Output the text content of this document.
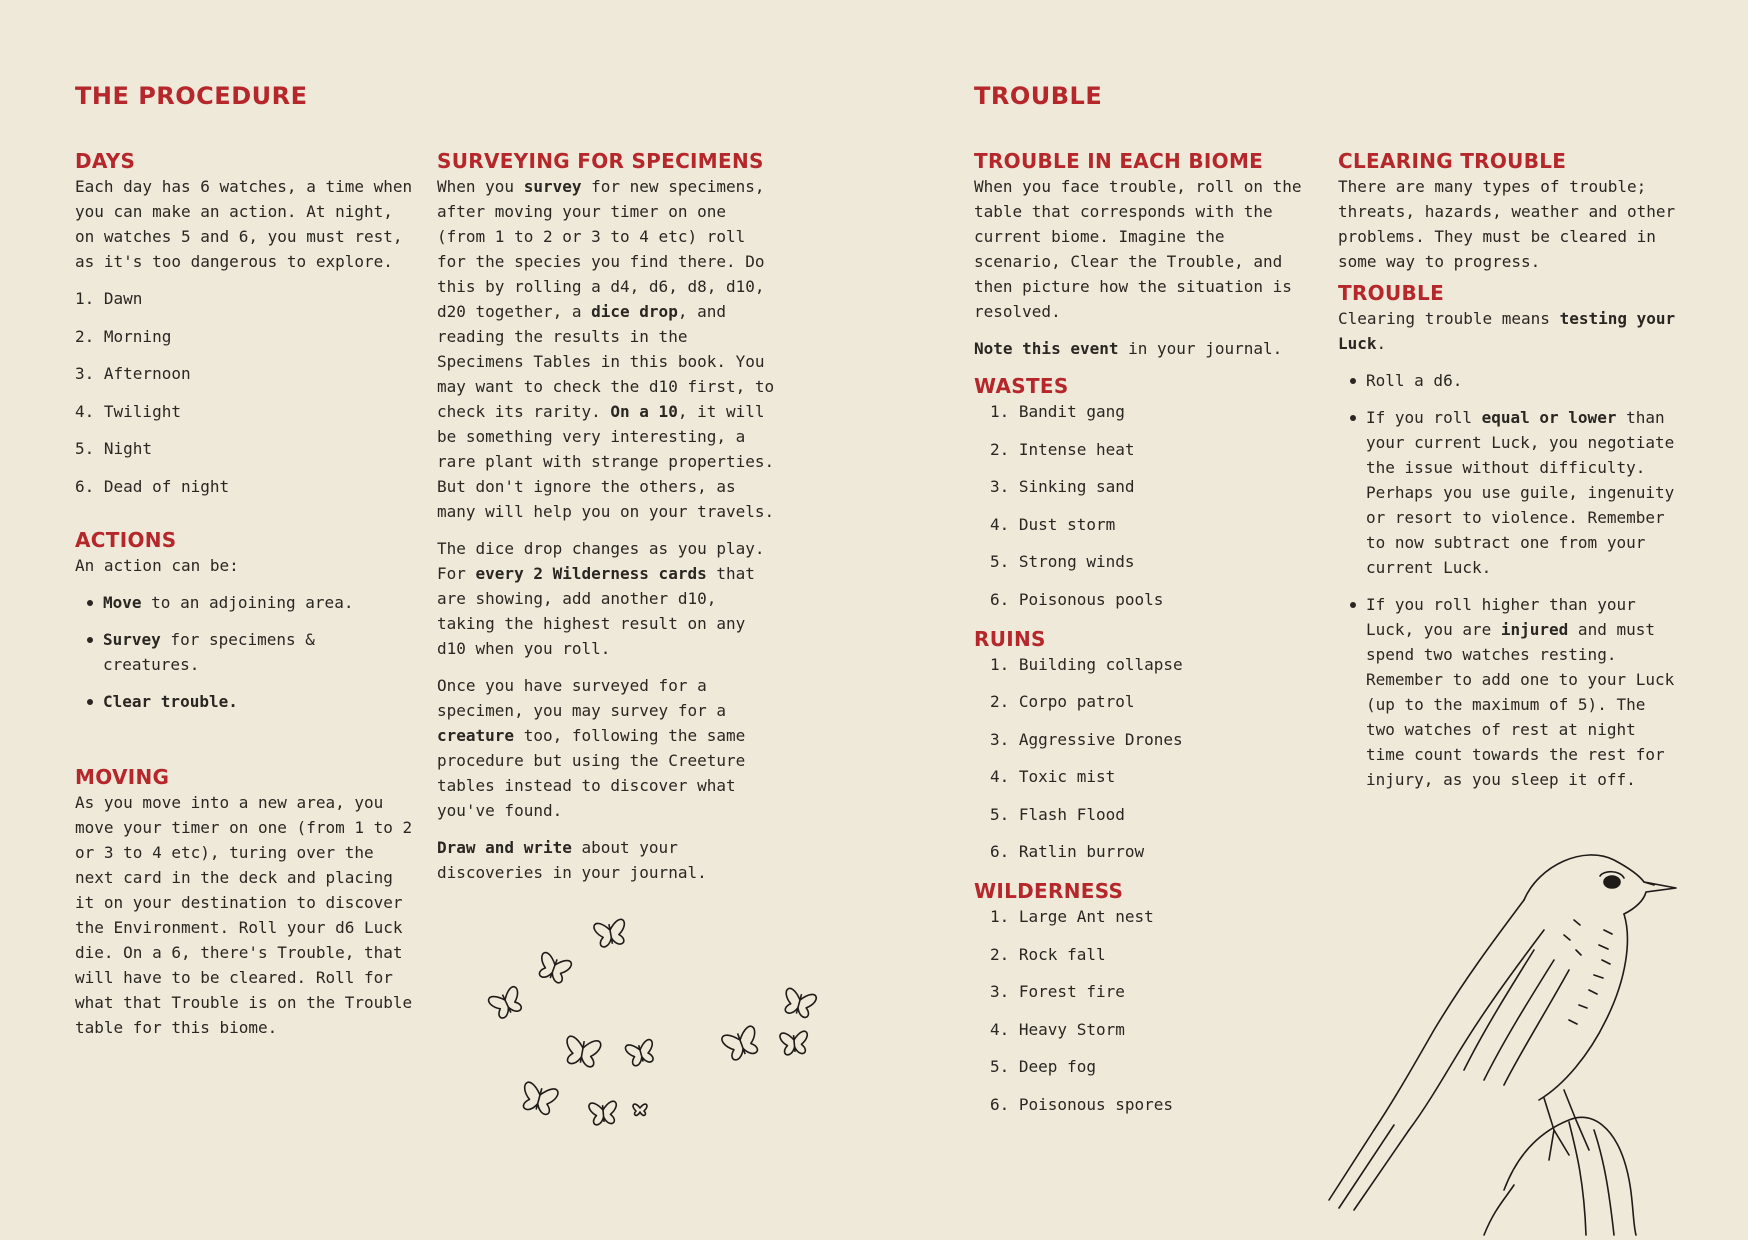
THE PROCEDURE
DAYS

Each day has 6 watches, a time when you can make an action. At night, on watches 5 and 6, you must rest, as it's too dangerous to explore.

1. Dawn
2. Morning
3. Afternoon
4. Twilight
5. Night
6. Dead of night
ACTIONS

An action can be:

Move to an adjoining area.
Survey for specimens & creatures.
Clear trouble.
MOVING

As you move into a new area, you move your timer on one (from 1 to 2 or 3 to 4 etc), turing over the next card in the deck and placing it on your destination to discover the Environment. Roll your d6 Luck die. On a 6, there's Trouble, that will have to be cleared. Roll for what that Trouble is on the Trouble table for this biome.

SURVEYING FOR SPECIMENS

When you survey for new specimens, after moving your timer on one (from 1 to 2 or 3 to 4 etc) roll for the species you find there. Do this by rolling a d4, d6, d8, d10, d20 together, a dice drop, and reading the results in the Specimens Tables in this book. You may want to check the d10 first, to check its rarity. On a 10, it will be something very interesting, a rare plant with strange properties. But don't ignore the others, as many will help you on your travels.

The dice drop changes as you play. For every 2 Wilderness cards that are showing, add another d10, taking the highest result on any d10 when you roll.

Once you have surveyed for a specimen, you may survey for a creature too, following the same procedure but using the Creeture tables instead to discover what you've found.

Draw and write about your discoveries in your journal.

TROUBLE
TROUBLE IN EACH BIOME

When you face trouble, roll on the table that corresponds with the current biome. Imagine the scenario, Clear the Trouble, and then picture how the situation is resolved.

Note this event in your journal.

WASTES
1. Bandit gang
2. Intense heat
3. Sinking sand
4. Dust storm
5. Strong winds
6. Poisonous pools
RUINS
1. Building collapse
2. Corpo patrol
3. Aggressive Drones
4. Toxic mist
5. Flash Flood
6. Ratlin burrow
WILDERNESS
1. Large Ant nest
2. Rock fall
3. Forest fire
4. Heavy Storm
5. Deep fog
6. Poisonous spores
CLEARING TROUBLE

There are many types of trouble; threats, hazards, weather and other problems. They must be cleared in some way to progress.

TROUBLE

Clearing trouble means testing your Luck.

Roll a d6.
If you roll equal or lower than your current Luck, you negotiate the issue without difficulty. Perhaps you use guile, ingenuity or resort to violence. Remember to now subtract one from your current Luck.
If you roll higher than your Luck, you are injured and must spend two watches resting. Remember to add one to your Luck (up to the maximum of 5). The two watches of rest at night time count towards the rest for injury, as you sleep it off.
